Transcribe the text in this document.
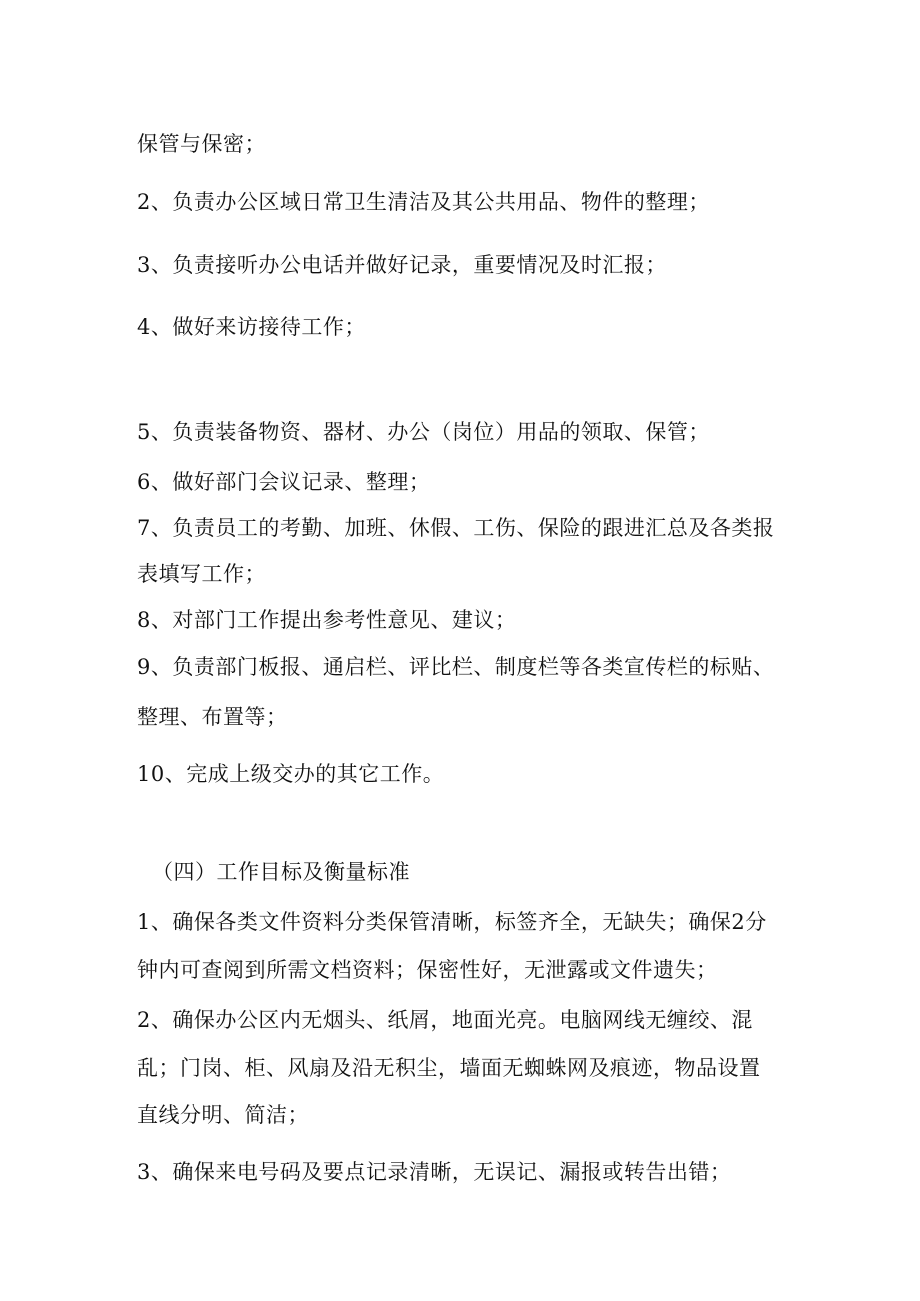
保管与保密；
2、负责办公区域日常卫生清洁及其公共用品、物件的整理；
3、负责接听办公电话并做好记录，重要情况及时汇报；
4、做好来访接待工作；
5、负责装备物资、器材、办公（岗位）用品的领取、保管；
6、做好部门会议记录、整理；
7、负责员工的考勤、加班、休假、工伤、保险的跟进汇总及各类报
表填写工作；
8、对部门工作提出参考性意见、建议；
9、负责部门板报、通启栏、评比栏、制度栏等各类宣传栏的标贴、
整理、布置等；
10、完成上级交办的其它工作。
（四）工作目标及衡量标准
1、确保各类文件资料分类保管清晰，标签齐全，无缺失；确保2分
钟内可查阅到所需文档资料；保密性好，无泄露或文件遗失；
2、确保办公区内无烟头、纸屑，地面光亮。电脑网线无缠绞、混
乱；门岗、柜、风扇及沿无积尘，墙面无蜘蛛网及痕迹，物品设置
直线分明、简洁；
3、确保来电号码及要点记录清晰，无误记、漏报或转告出错；
